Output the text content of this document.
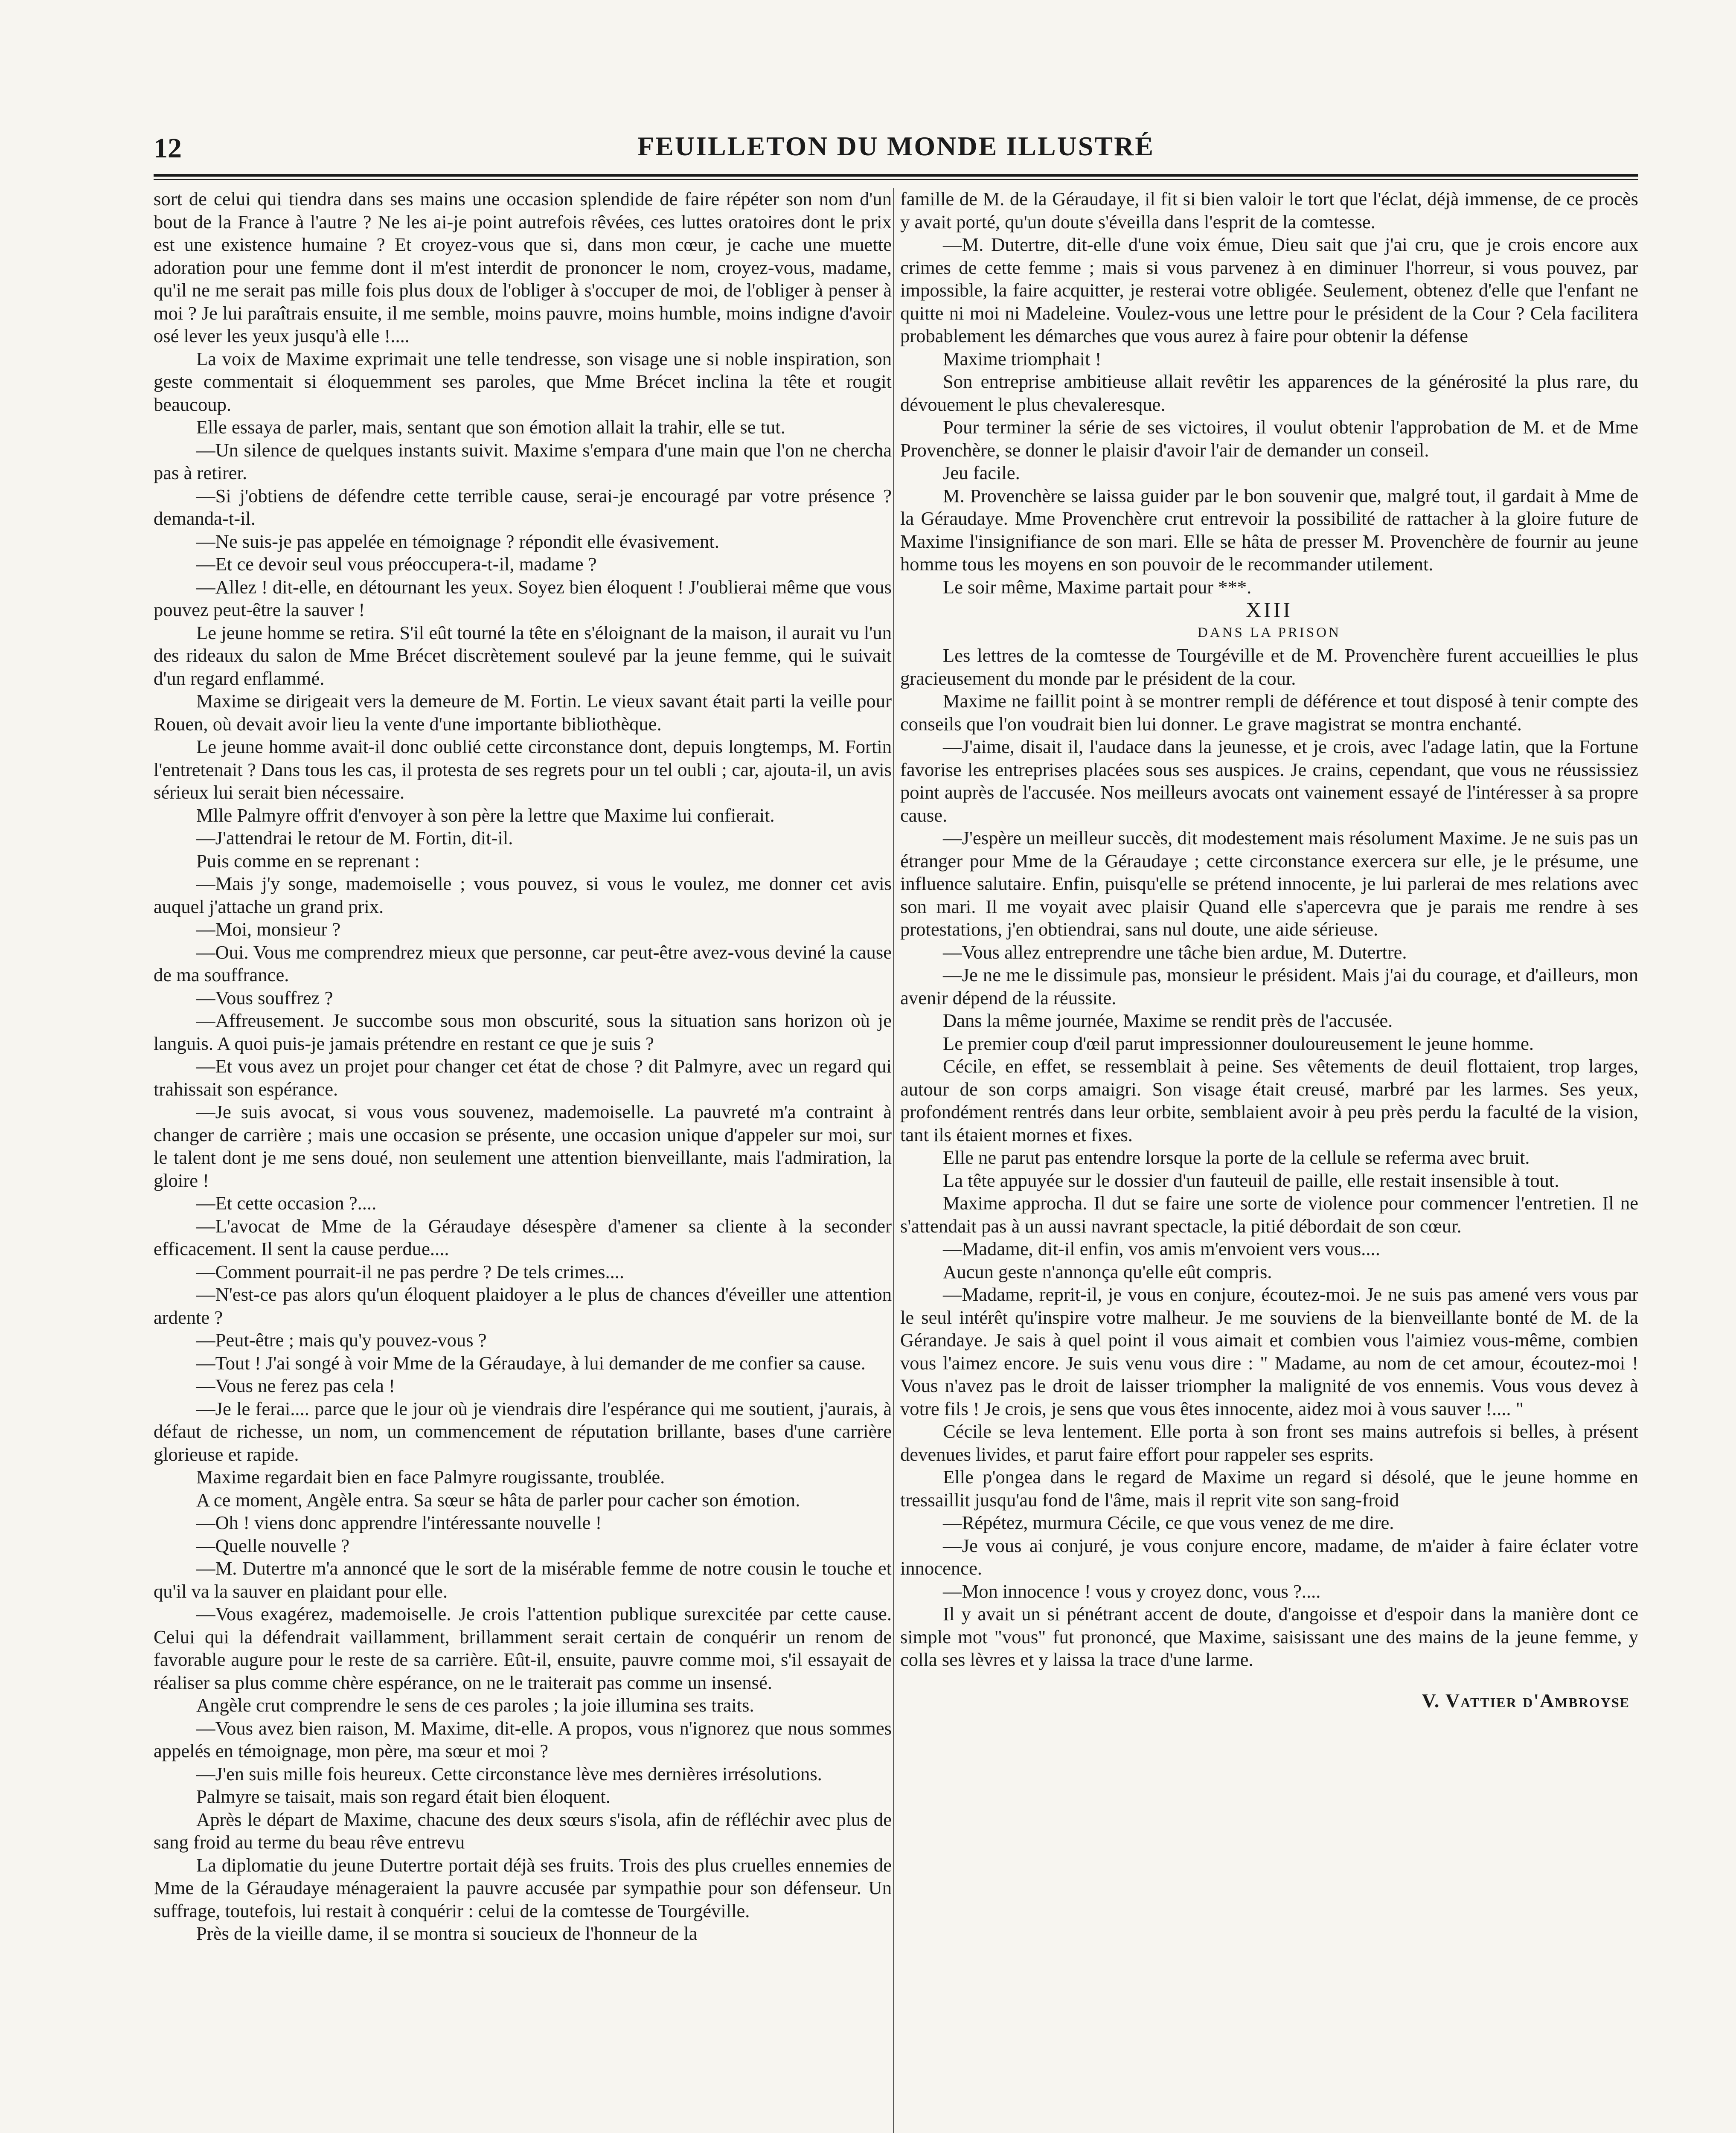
12	FEUILLETON DU MONDE ILLUSTRÉ

sort de celui qui tiendra dans ses mains une occasion splendide de faire répéter son nom d'un bout de la France à l'autre ? Ne les ai-je point autrefois rêvées, ces luttes oratoires dont le prix est une existence humaine ? Et croyez-vous que si, dans mon cœur, je cache une muette adoration pour une femme dont il m'est interdit de prononcer le nom, croyez-vous, madame, qu'il ne me serait pas mille fois plus doux de l'obliger à s'occuper de moi, de l'obliger à penser à moi ? Je lui paraîtrais ensuite, il me semble, moins pauvre, moins humble, moins indigne d'avoir osé lever les yeux jusqu'à elle !....

La voix de Maxime exprimait une telle tendresse, son visage une si noble inspiration, son geste commentait si éloquemment ses paroles, que Mme Brécet inclina la tête et rougit beaucoup.

Elle essaya de parler, mais, sentant que son émotion allait la trahir, elle se tut.

—Un silence de quelques instants suivit. Maxime s'empara d'une main que l'on ne chercha pas à retirer.

—Si j'obtiens de défendre cette terrible cause, serai-je encouragé par votre présence ? demanda-t-il.

—Ne suis-je pas appelée en témoignage ? répondit elle évasivement.

—Et ce devoir seul vous préoccupera-t-il, madame ?

—Allez ! dit-elle, en détournant les yeux. Soyez bien éloquent ! J'oublierai même que vous pouvez peut-être la sauver !

Le jeune homme se retira. S'il eût tourné la tête en s'éloignant de la maison, il aurait vu l'un des rideaux du salon de Mme Brécet discrètement soulevé par la jeune femme, qui le suivait d'un regard enflammé.

Maxime se dirigeait vers la demeure de M. Fortin. Le vieux savant était parti la veille pour Rouen, où devait avoir lieu la vente d'une importante bibliothèque.

Le jeune homme avait-il donc oublié cette circonstance dont, depuis longtemps, M. Fortin l'entretenait ? Dans tous les cas, il protesta de ses regrets pour un tel oubli ; car, ajouta-il, un avis sérieux lui serait bien nécessaire.

Mlle Palmyre offrit d'envoyer à son père la lettre que Maxime lui confierait.

—J'attendrai le retour de M. Fortin, dit-il.

Puis comme en se reprenant :

—Mais j'y songe, mademoiselle ; vous pouvez, si vous le voulez, me donner cet avis auquel j'attache un grand prix.

—Moi, monsieur ?

—Oui. Vous me comprendrez mieux que personne, car peut-être avez-vous deviné la cause de ma souffrance.

—Vous souffrez ?

—Affreusement. Je succombe sous mon obscurité, sous la situation sans horizon où je languis. A quoi puis-je jamais prétendre en restant ce que je suis ?

—Et vous avez un projet pour changer cet état de chose ? dit Palmyre, avec un regard qui trahissait son espérance.

—Je suis avocat, si vous vous souvenez, mademoiselle. La pauvreté m'a contraint à changer de carrière ; mais une occasion se présente, une occasion unique d'appeler sur moi, sur le talent dont je me sens doué, non seulement une attention bienveillante, mais l'admiration, la gloire !

—Et cette occasion ?....

—L'avocat de Mme de la Géraudaye désespère d'amener sa cliente à la seconder efficacement. Il sent la cause perdue....

—Comment pourrait-il ne pas perdre ? De tels crimes....

—N'est-ce pas alors qu'un éloquent plaidoyer a le plus de chances d'éveiller une attention ardente ?

—Peut-être ; mais qu'y pouvez-vous ?

—Tout ! J'ai songé à voir Mme de la Géraudaye, à lui demander de me confier sa cause.

—Vous ne ferez pas cela !

—Je le ferai.... parce que le jour où je viendrais dire l'espérance qui me soutient, j'aurais, à défaut de richesse, un nom, un commencement de réputation brillante, bases d'une carrière glorieuse et rapide.

Maxime regardait bien en face Palmyre rougissante, troublée.

A ce moment, Angèle entra. Sa sœur se hâta de parler pour cacher son émotion.

—Oh ! viens donc apprendre l'intéressante nouvelle !

—Quelle nouvelle ?

—M. Dutertre m'a annoncé que le sort de la misérable femme de notre cousin le touche et qu'il va la sauver en plaidant pour elle.

—Vous exagérez, mademoiselle. Je crois l'attention publique surexcitée par cette cause. Celui qui la défendrait vaillamment, brillamment serait certain de conquérir un renom de favorable augure pour le reste de sa carrière. Eût-il, ensuite, pauvre comme moi, s'il essayait de réaliser sa plus comme chère espérance, on ne le traiterait pas comme un insensé.

Angèle crut comprendre le sens de ces paroles ; la joie illumina ses traits.

—Vous avez bien raison, M. Maxime, dit-elle. A propos, vous n'ignorez que nous sommes appelés en témoignage, mon père, ma sœur et moi ?

—J'en suis mille fois heureux. Cette circonstance lève mes dernières irrésolutions.

Palmyre se taisait, mais son regard était bien éloquent.

Après le départ de Maxime, chacune des deux sœurs s'isola, afin de réfléchir avec plus de sang froid au terme du beau rêve entrevu

La diplomatie du jeune Dutertre portait déjà ses fruits. Trois des plus cruelles ennemies de Mme de la Géraudaye ménageraient la pauvre accusée par sympathie pour son défenseur. Un suffrage, toutefois, lui restait à conquérir : celui de la comtesse de Tourgéville.

Près de la vieille dame, il se montra si soucieux de l'honneur de la

famille de M. de la Géraudaye, il fit si bien valoir le tort que l'éclat, déjà immense, de ce procès y avait porté, qu'un doute s'éveilla dans l'esprit de la comtesse.

—M. Dutertre, dit-elle d'une voix émue, Dieu sait que j'ai cru, que je crois encore aux crimes de cette femme ; mais si vous parvenez à en diminuer l'horreur, si vous pouvez, par impossible, la faire acquitter, je resterai votre obligée. Seulement, obtenez d'elle que l'enfant ne quitte ni moi ni Madeleine. Voulez-vous une lettre pour le président de la Cour ? Cela facilitera probablement les démarches que vous aurez à faire pour obtenir la défense

Maxime triomphait !

Son entreprise ambitieuse allait revêtir les apparences de la générosité la plus rare, du dévouement le plus chevaleresque.

Pour terminer la série de ses victoires, il voulut obtenir l'approbation de M. et de Mme Provenchère, se donner le plaisir d'avoir l'air de demander un conseil.

Jeu facile.

M. Provenchère se laissa guider par le bon souvenir que, malgré tout, il gardait à Mme de la Géraudaye. Mme Provenchère crut entrevoir la possibilité de rattacher à la gloire future de Maxime l'insignifiance de son mari. Elle se hâta de presser M. Provenchère de fournir au jeune homme tous les moyens en son pouvoir de le recommander utilement.

Le soir même, Maxime partait pour ***.

XIII

DANS LA PRISON

Les lettres de la comtesse de Tourgéville et de M. Provenchère furent accueillies le plus gracieusement du monde par le président de la cour.

Maxime ne faillit point à se montrer rempli de déférence et tout disposé à tenir compte des conseils que l'on voudrait bien lui donner. Le grave magistrat se montra enchanté.

—J'aime, disait il, l'audace dans la jeunesse, et je crois, avec l'adage latin, que la Fortune favorise les entreprises placées sous ses auspices. Je crains, cependant, que vous ne réussissiez point auprès de l'accusée. Nos meilleurs avocats ont vainement essayé de l'intéresser à sa propre cause.

—J'espère un meilleur succès, dit modestement mais résolument Maxime. Je ne suis pas un étranger pour Mme de la Géraudaye ; cette circonstance exercera sur elle, je le présume, une influence salutaire. Enfin, puisqu'elle se prétend innocente, je lui parlerai de mes relations avec son mari. Il me voyait avec plaisir Quand elle s'apercevra que je parais me rendre à ses protestations, j'en obtiendrai, sans nul doute, une aide sérieuse.

—Vous allez entreprendre une tâche bien ardue, M. Dutertre.

—Je ne me le dissimule pas, monsieur le président. Mais j'ai du courage, et d'ailleurs, mon avenir dépend de la réussite.

Dans la même journée, Maxime se rendit près de l'accusée.

Le premier coup d'œil parut impressionner douloureusement le jeune homme.

Cécile, en effet, se ressemblait à peine. Ses vêtements de deuil flottaient, trop larges, autour de son corps amaigri. Son visage était creusé, marbré par les larmes. Ses yeux, profondément rentrés dans leur orbite, semblaient avoir à peu près perdu la faculté de la vision, tant ils étaient mornes et fixes.

Elle ne parut pas entendre lorsque la porte de la cellule se referma avec bruit.

La tête appuyée sur le dossier d'un fauteuil de paille, elle restait insensible à tout.

Maxime approcha. Il dut se faire une sorte de violence pour commencer l'entretien. Il ne s'attendait pas à un aussi navrant spectacle, la pitié débordait de son cœur.

—Madame, dit-il enfin, vos amis m'envoient vers vous....

Aucun geste n'annonça qu'elle eût compris.

—Madame, reprit-il, je vous en conjure, écoutez-moi. Je ne suis pas amené vers vous par le seul intérêt qu'inspire votre malheur. Je me souviens de la bienveillante bonté de M. de la Gérandaye. Je sais à quel point il vous aimait et combien vous l'aimiez vous-même, combien vous l'aimez encore. Je suis venu vous dire : " Madame, au nom de cet amour, écoutez-moi ! Vous n'avez pas le droit de laisser triompher la malignité de vos ennemis. Vous vous devez à votre fils ! Je crois, je sens que vous êtes innocente, aidez moi à vous sauver !.... "

Cécile se leva lentement. Elle porta à son front ses mains autrefois si belles, à présent devenues livides, et parut faire effort pour rappeler ses esprits.

Elle p'ongea dans le regard de Maxime un regard si désolé, que le jeune homme en tressaillit jusqu'au fond de l'âme, mais il reprit vite son sang-froid

—Répétez, murmura Cécile, ce que vous venez de me dire.

—Je vous ai conjuré, je vous conjure encore, madame, de m'aider à faire éclater votre innocence.

—Mon innocence ! vous y croyez donc, vous ?....

Il y avait un si pénétrant accent de doute, d'angoisse et d'espoir dans la manière dont ce simple mot "vous" fut prononcé, que Maxime, saisissant une des mains de la jeune femme, y colla ses lèvres et y laissa la trace d'une larme.

V. Vattier d'Ambroyse
